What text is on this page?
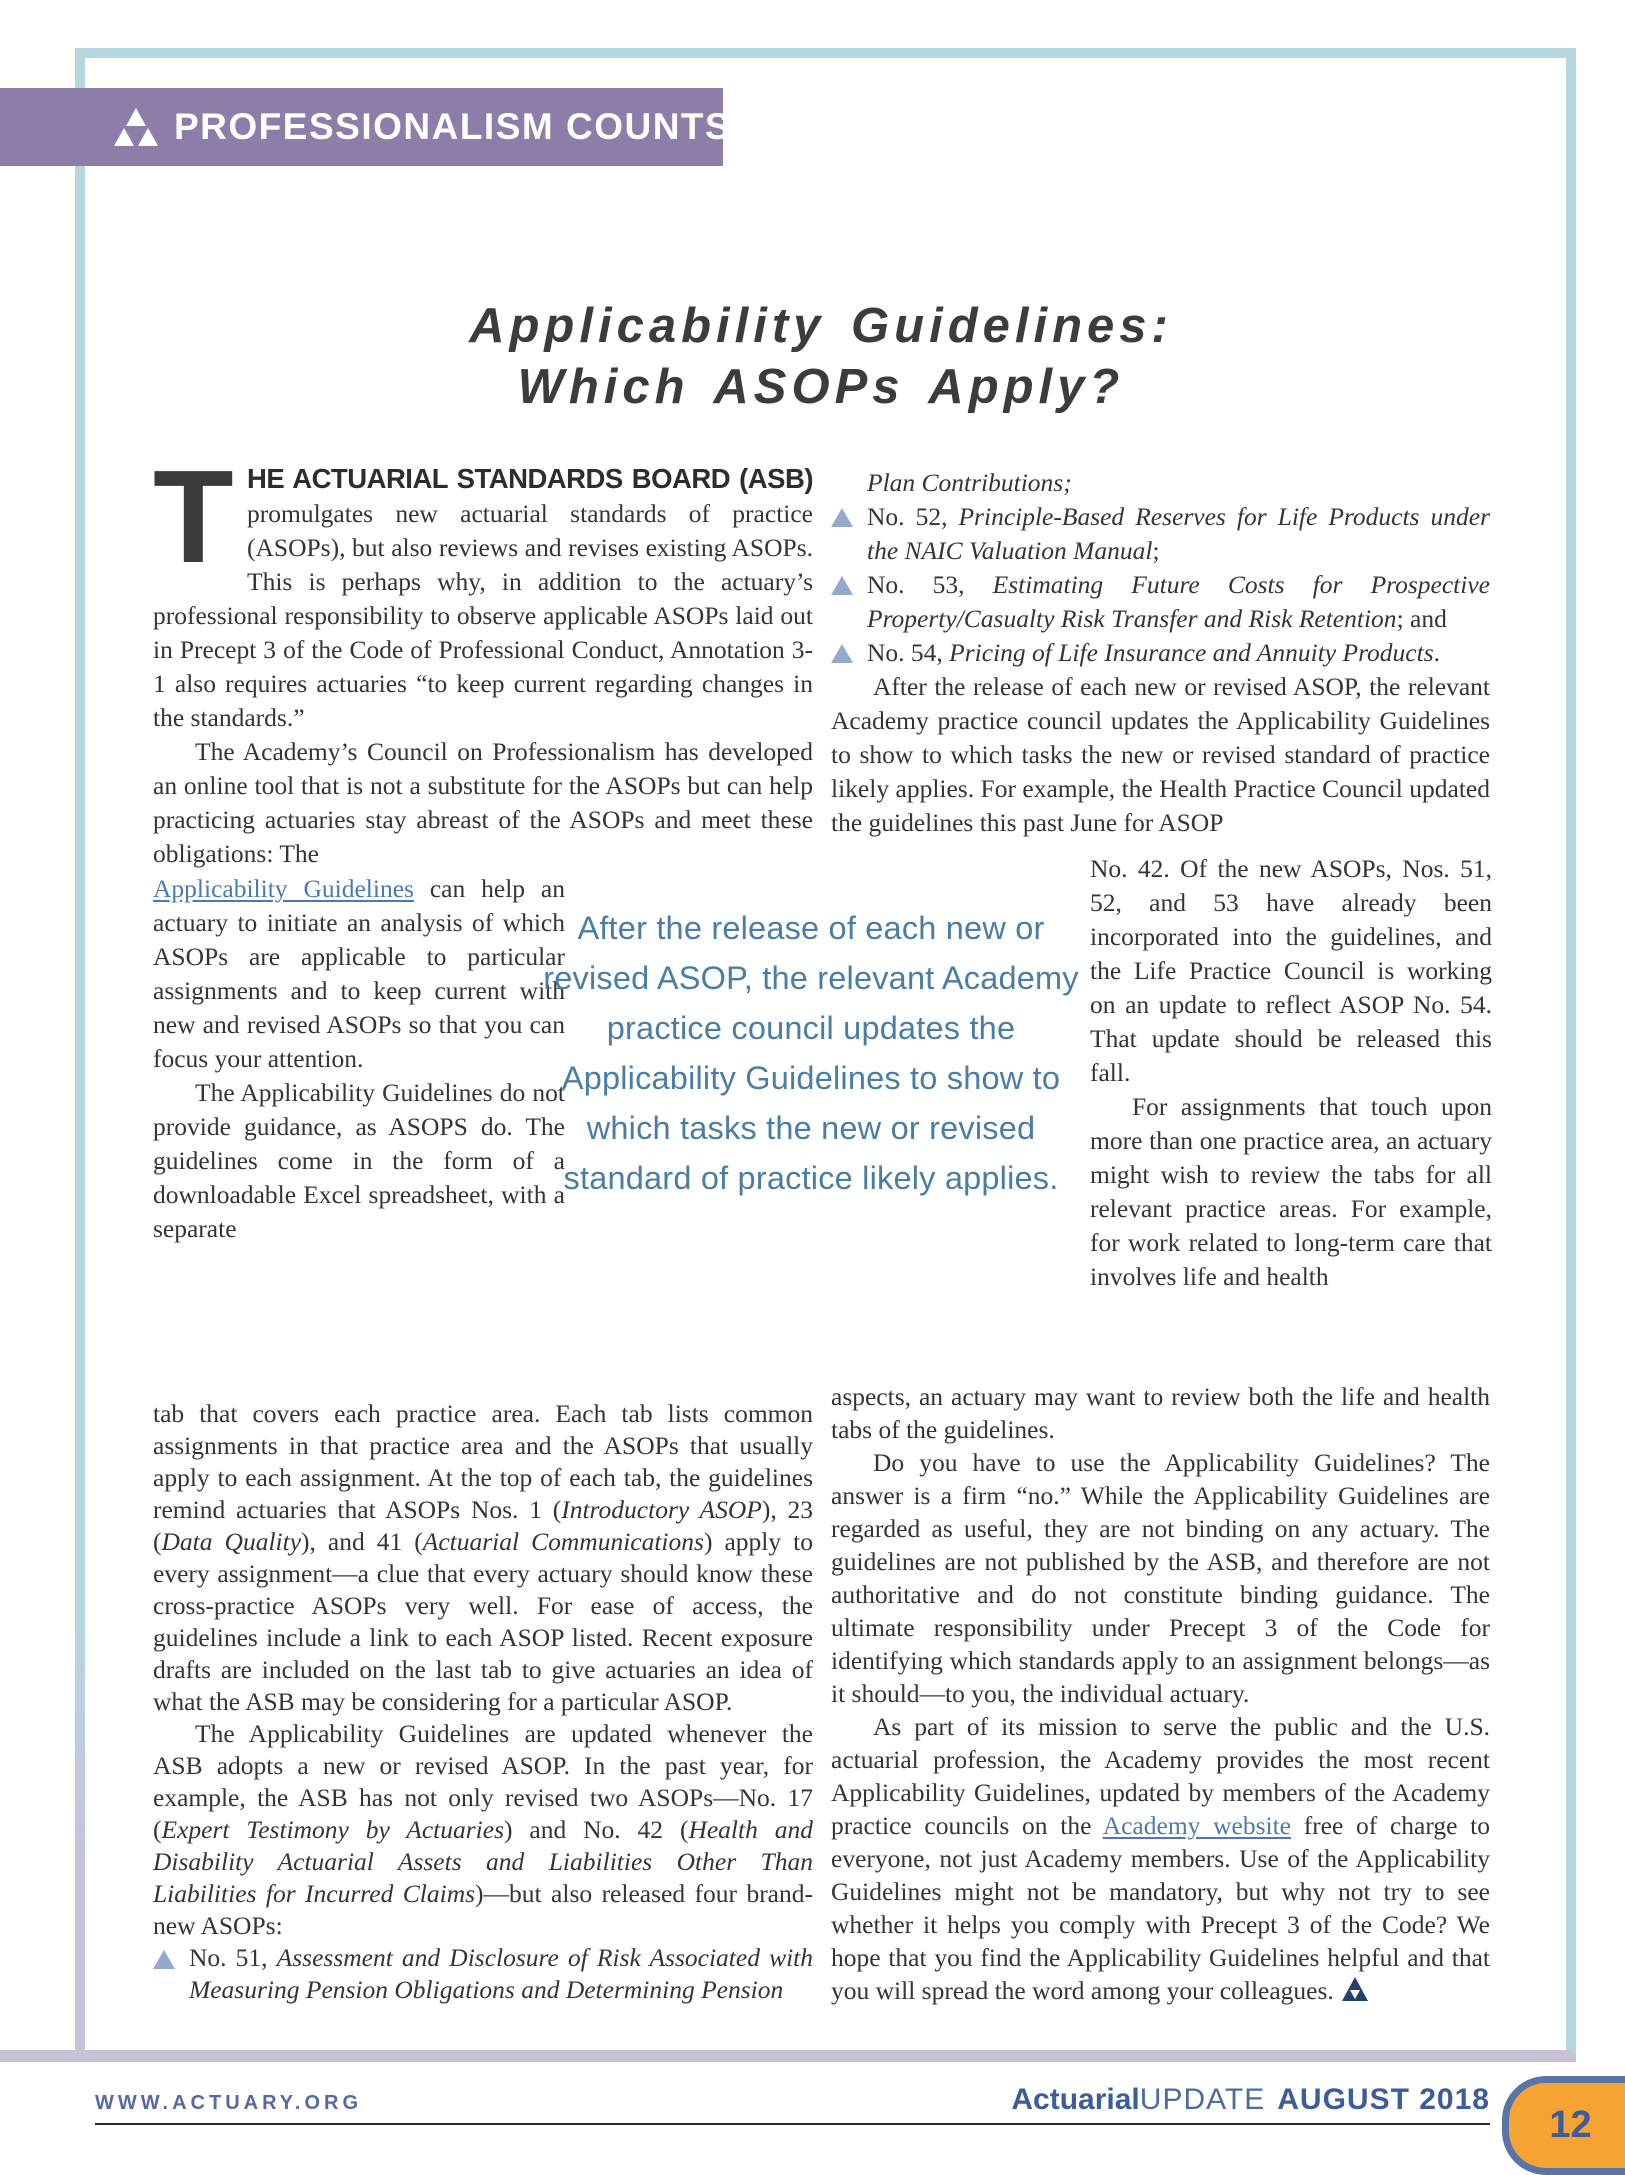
PROFESSIONALISM COUNTS
Applicability Guidelines:
Which ASOPs Apply?

THE ACTUARIAL STANDARDS BOARD (ASB) promulgates new actuarial standards of practice (ASOPs), but also reviews and revises existing ASOPs. This is perhaps why, in addition to the actuary’s professional responsibility to observe applicable ASOPs laid out in Precept 3 of the Code of Professional Conduct, Annotation 3-1 also requires actuaries “to keep current regarding changes in the standards.”

The Academy’s Council on Professionalism has developed an online tool that is not a substitute for the ASOPs but can help practicing actuaries stay abreast of the ASOPs and meet these obligations: The

Applicability Guidelines can help an actuary to initiate an analysis of which ASOPs are applicable to particular assignments and to keep current with new and revised ASOPs so that you can focus your attention.

The Applicability Guidelines do not provide guidance, as ASOPS do. The guidelines come in the form of a downloadable Excel spreadsheet, with a separate

tab that covers each practice area. Each tab lists common assignments in that practice area and the ASOPs that usually apply to each assignment. At the top of each tab, the guidelines remind actuaries that ASOPs Nos. 1 (Introductory ASOP), 23 (Data Quality), and 41 (Actuarial Communications) apply to every assignment—a clue that every actuary should know these cross-practice ASOPs very well. For ease of access, the guidelines include a link to each ASOP listed. Recent exposure drafts are included on the last tab to give actuaries an idea of what the ASB may be considering for a particular ASOP.

The Applicability Guidelines are updated whenever the ASB adopts a new or revised ASOP. In the past year, for example, the ASB has not only revised two ASOPs—No. 17 (Expert Testimony by Actuaries) and No. 42 (Health and Disability Actuarial Assets and Liabilities Other Than Liabilities for Incurred Claims)—but also released four brand-new ASOPs:

No. 51, Assessment and Disclosure of Risk Associated with Measuring Pension Obligations and Determining Pension
After the release of each new or revised ASOP, the relevant Academy practice council updates the Applicability Guidelines to show to which tasks the new or revised standard of practice likely applies.

Plan Contributions;

No. 52, Principle-Based Reserves for Life Products under the NAIC Valuation Manual;
No. 53, Estimating Future Costs for Prospective Property/Casualty Risk Transfer and Risk Retention; and
No. 54, Pricing of Life Insurance and Annuity Products.

After the release of each new or revised ASOP, the relevant Academy practice council updates the Applicability Guidelines to show to which tasks the new or revised standard of practice likely applies. For example, the Health Practice Council updated the guidelines this past June for ASOP

No. 42. Of the new ASOPs, Nos. 51, 52, and 53 have already been incorporated into the guidelines, and the Life Practice Council is working on an update to reflect ASOP No. 54. That update should be released this fall.

For assignments that touch upon more than one practice area, an actuary might wish to review the tabs for all relevant practice areas. For example, for work related to long-term care that involves life and health

aspects, an actuary may want to review both the life and health tabs of the guidelines.

Do you have to use the Applicability Guidelines? The answer is a firm “no.” While the Applicability Guidelines are regarded as useful, they are not binding on any actuary. The guidelines are not published by the ASB, and therefore are not authoritative and do not constitute binding guidance. The ultimate responsibility under Precept 3 of the Code for identifying which standards apply to an assignment belongs—as it should—to you, the individual actuary.

As part of its mission to serve the public and the U.S. actuarial profession, the Academy provides the most recent Applicability Guidelines, updated by members of the Academy practice councils on the Academy website free of charge to everyone, not just Academy members. Use of the Applicability Guidelines might not be mandatory, but why not try to see whether it helps you comply with Precept 3 of the Code? We hope that you find the Applicability Guidelines helpful and that you will spread the word among your colleagues.

WWW.ACTUARY.ORG	ActuarialUPDATE AUGUST 2018
12
